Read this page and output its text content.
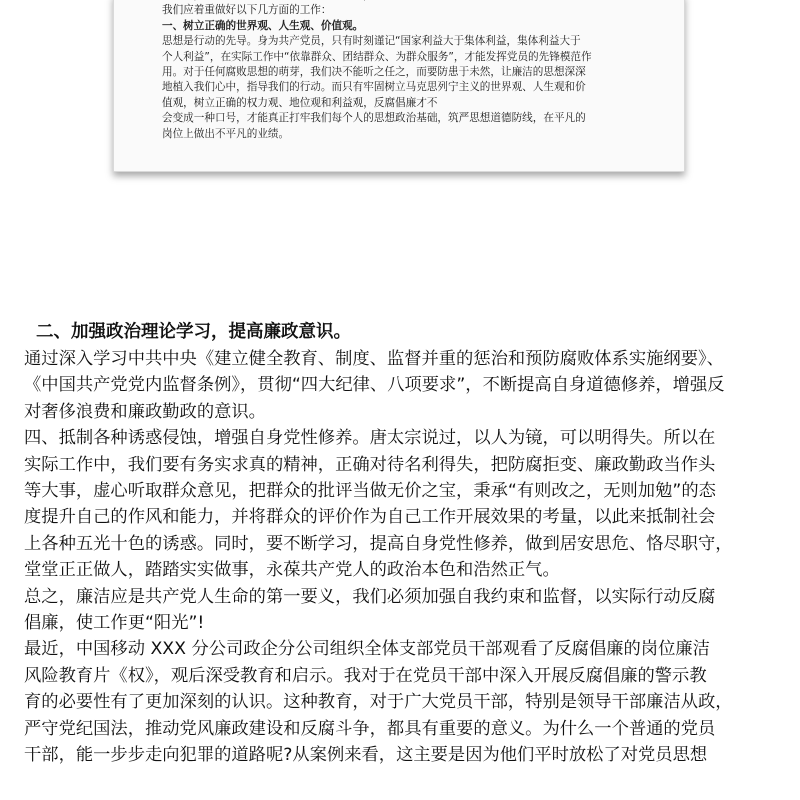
我们应着重做好以下几方面的工作：
一、树立正确的世界观、人生观、价值观。
思想是行动的先导。身为共产党员，只有时刻谨记“国家利益大于集体利益，集体利益大于
个人利益”，在实际工作中“依靠群众、团结群众、为群众服务”，才能发挥党员的先锋模范作
用。对于任何腐败思想的萌芽，我们决不能听之任之，而要防患于未然，让廉洁的思想深深
地植入我们心中，指导我们的行动。而只有牢固树立马克思列宁主义的世界观、人生观和价
值观，树立正确的权力观、地位观和利益观，反腐倡廉才不
会变成一种口号，才能真正打牢我们每个人的思想政治基础，筑严思想道德防线，在平凡的
岗位上做出不平凡的业绩。
二、加强政治理论学习，提高廉政意识。
通过深入学习中共中央《建立健全教育、制度、监督并重的惩治和预防腐败体系实施纲要》、
《中国共产党党内监督条例》，贯彻“四大纪律、八项要求”，不断提高自身道德修养，增强反
对奢侈浪费和廉政勤政的意识。
四、抵制各种诱惑侵蚀，增强自身党性修养。唐太宗说过，以人为镜，可以明得失。所以在
实际工作中，我们要有务实求真的精神，正确对待名利得失，把防腐拒变、廉政勤政当作头
等大事，虚心听取群众意见，把群众的批评当做无价之宝，秉承“有则改之，无则加勉”的态
度提升自己的作风和能力，并将群众的评价作为自己工作开展效果的考量，以此来抵制社会
上各种五光十色的诱惑。同时，要不断学习，提高自身党性修养，做到居安思危、恪尽职守，
堂堂正正做人，踏踏实实做事，永葆共产党人的政治本色和浩然正气。
总之，廉洁应是共产党人生命的第一要义，我们必须加强自我约束和监督，以实际行动反腐
倡廉，使工作更“阳光”!
最近，中国移动 XXX 分公司政企分公司组织全体支部党员干部观看了反腐倡廉的岗位廉洁
风险教育片《权》，观后深受教育和启示。我对于在党员干部中深入开展反腐倡廉的警示教
育的必要性有了更加深刻的认识。这种教育，对于广大党员干部，特别是领导干部廉洁从政，
严守党纪国法，推动党风廉政建设和反腐斗争，都具有重要的意义。为什么一个普通的党员
干部，能一步步走向犯罪的道路呢?从案例来看，这主要是因为他们平时放松了对党员思想
